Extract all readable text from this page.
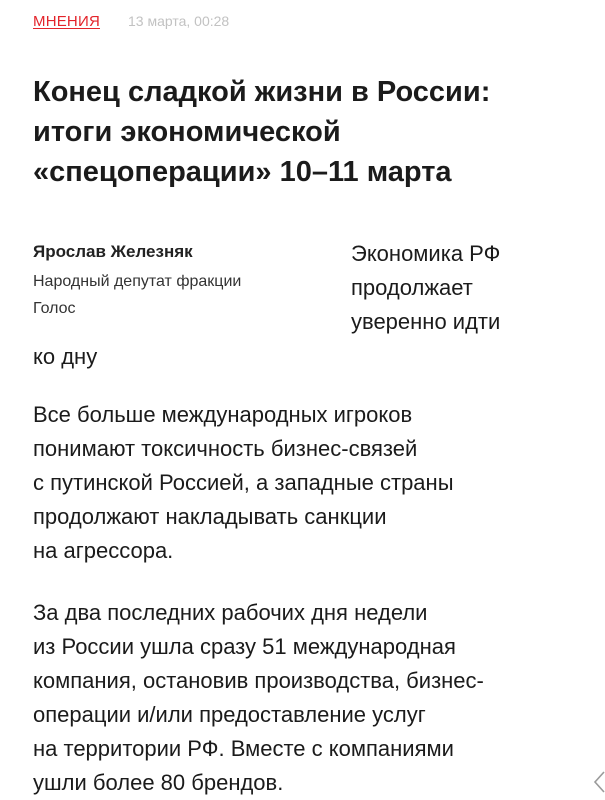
МНЕНИЯ 13 марта, 00:28
Конец сладкой жизни в России:
итоги экономической
«спецоперации» 10–11 марта
Ярослав Железняк
Народный депутат фракции
Голос
Экономика РФ
продолжает
уверенно идти
ко дну
Все больше международных игроков
понимают токсичность бизнес-связей
с путинской Россией, а западные страны
продолжают накладывать санкции
на агрессора.
За два последних рабочих дня недели
из России ушла сразу 51 международная
компания, остановив производства, бизнес-
операции и/или предоставление услуг
на территории РФ. Вместе с компаниями
ушли более 80 брендов.
